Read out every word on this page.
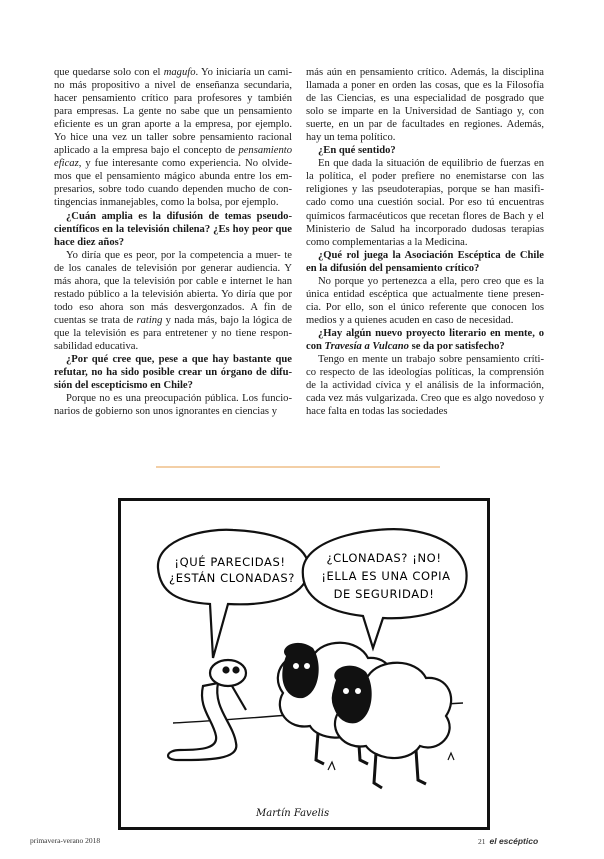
que quedarse solo con el magufo. Yo iniciaría un cami- no más propositivo a nivel de enseñanza secundaria, hacer pensamiento crítico para profesores y también para empresas. La gente no sabe que un pensamiento eficiente es un gran aporte a la empresa, por ejemplo. Yo hice una vez un taller sobre pensamiento racional aplicado a la empresa bajo el concepto de pensamiento eficaz, y fue interesante como experiencia. No olvide- mos que el pensamiento mágico abunda entre los em- presarios, sobre todo cuando dependen mucho de con- tingencias inmanejables, como la bolsa, por ejemplo.

¿Cuán amplia es la difusión de temas pseudo- científicos en la televisión chilena? ¿Es hoy peor que hace diez años?

Yo diría que es peor, por la competencia a muer- te de los canales de televisión por generar audiencia. Y más ahora, que la televisión por cable e internet le han restado público a la televisión abierta. Yo diría que por todo eso ahora son más desvergonzados. A fin de cuentas se trata de rating y nada más, bajo la lógica de que la televisión es para entretener y no tiene respon- sabilidad educativa.

¿Por qué cree que, pese a que hay bastante que refutar, no ha sido posible crear un órgano de difu- sión del escepticismo en Chile?

Porque no es una preocupación pública. Los funcio- narios de gobierno son unos ignorantes en ciencias y

más aún en pensamiento crítico. Además, la disciplina llamada a poner en orden las cosas, que es la Filosofía de las Ciencias, es una especialidad de posgrado que solo se imparte en la Universidad de Santiago y, con suerte, en un par de facultades en regiones. Además, hay un tema político.

¿En qué sentido?

En que dada la situación de equilibrio de fuerzas en la política, el poder prefiere no enemistarse con las religiones y las pseudoterapias, porque se han masifi- cado como una cuestión social. Por eso tú encuentras químicos farmacéuticos que recetan flores de Bach y el Ministerio de Salud ha incorporado dudosas terapias como complementarias a la Medicina.

¿Qué rol juega la Asociación Escéptica de Chile en la difusión del pensamiento crítico?

No porque yo pertenezca a ella, pero creo que es la única entidad escéptica que actualmente tiene presen- cia. Por ello, son el único referente que conocen los medios y a quienes acuden en caso de necesidad.

¿Hay algún nuevo proyecto literario en mente, o con Travesía a Vulcano se da por satisfecho?

Tengo en mente un trabajo sobre pensamiento críti- co respecto de las ideologías políticas, la comprensión de la actividad cívica y el análisis de la información, cada vez más vulgarizada. Creo que es algo novedoso y hace falta en todas las sociedades

¡QUÉ PARECIDAS!
¿ESTÁN CLONADAS?
¿CLONADAS? ¡NO!
¡ELLA ES UNA COPIA
DE SEGURIDAD!
Martín Favelis
primavera-verano 2018	21 el escéptico
